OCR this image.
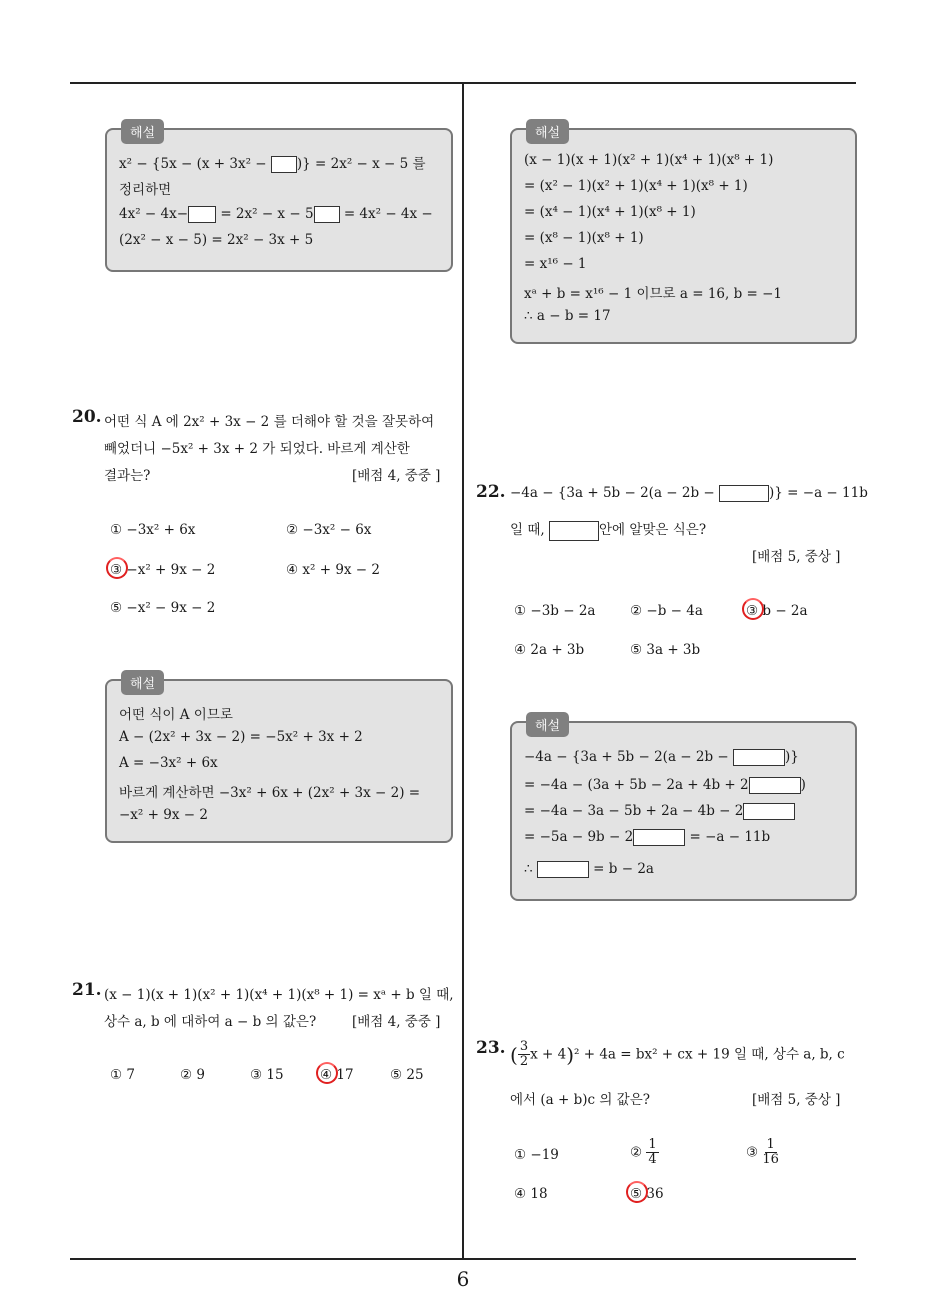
해설
x² − {5x − (x + 3x² − )} = 2x² − x − 5 를
정리하면
4x² − 4x− = 2x² − x − 5 = 4x² − 4x −
(2x² − x − 5) = 2x² − 3x + 5
해설
(x − 1)(x + 1)(x² + 1)(x⁴ + 1)(x⁸ + 1)
= (x² − 1)(x² + 1)(x⁴ + 1)(x⁸ + 1)
= (x⁴ − 1)(x⁴ + 1)(x⁸ + 1)
= (x⁸ − 1)(x⁸ + 1)
= x¹⁶ − 1
xᵃ + b = x¹⁶ − 1 이므로 a = 16, b = −1
∴ a − b = 17
20. 어떤 식 A 에 2x² + 3x − 2 를 더해야 할 것을 잘못하여
빼었더니 −5x² + 3x + 2 가 되었다. 바르게 계산한
결과는?	[배점 4, 중중 ]
① −3x² + 6x	② −3x² − 6x
③ −x² + 9x − 2	④ x² + 9x − 2
⑤ −x² − 9x − 2
해설
어떤 식이 A 이므로
A − (2x² + 3x − 2) = −5x² + 3x + 2
A = −3x² + 6x
바르게 계산하면 −3x² + 6x + (2x² + 3x − 2) =
−x² + 9x − 2
22. −4a − {3a + 5b − 2(a − 2b −	)} = −a − 11b
일 때,	안에 알맞은 식은?
[배점 5, 중상 ]
① −3b − 2a	② −b − 4a	③ b − 2a
④ 2a + 3b	⑤ 3a + 3b
해설
−4a − {3a + 5b − 2(a − 2b −	)}
= −4a − (3a + 5b − 2a + 4b + 2	)
= −4a − 3a − 5b + 2a − 4b − 2
= −5a − 9b − 2	= −a − 11b
∴	= b − 2a
21. (x − 1)(x + 1)(x² + 1)(x⁴ + 1)(x⁸ + 1) = xᵃ + b 일 때,
상수 a, b 에 대하여 a − b 의 값은?	[배점 4, 중중 ]
① 7	② 9	③ 15	④ 17	⑤ 25
23. ( $\frac{3}{2}$ x + 4)² + 4a = bx² + cx + 19 일 때, 상수 a, b, c
에서 (a + b)c 의 값은?	[배점 5, 중상 ]
① −19	② $\frac{1}{4}$	③ $\frac{1}{16}$
④ 18	⑤ 36
6
